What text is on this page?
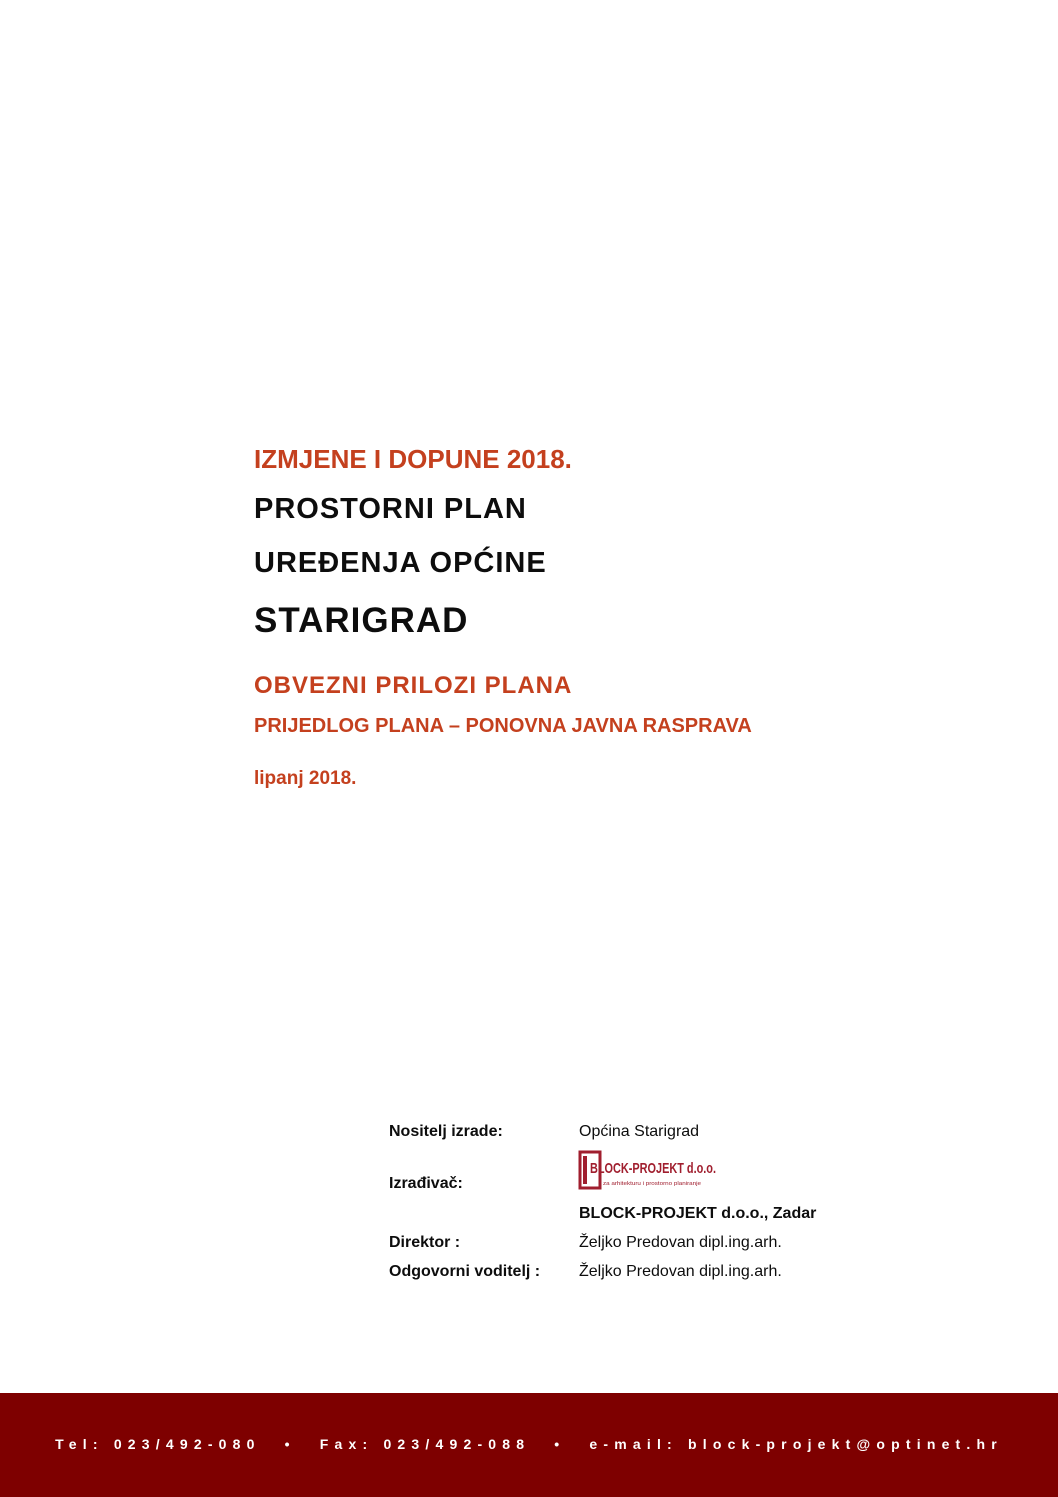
IZMJENE I DOPUNE 2018.
PROSTORNI PLAN
UREĐENJA OPĆINE
STARIGRAD
OBVEZNI PRILOZI PLANA
PRIJEDLOG PLANA – PONOVNA JAVNA RASPRAVA
lipanj 2018.
Nositelj izrade:	Općina Starigrad
Izrađivač:
BLOCK-PROJEKT d.o.o.
za arhitekturu i prostorno planiranje
BLOCK-PROJEKT d.o.o., Zadar
Direktor :	Željko Predovan dipl.ing.arh.
Odgovorni voditelj : Željko Predovan dipl.ing.arh.
Tel: 023/492-080 • Fax: 023/492-088 • e-mail: block-projekt@optinet.hr
